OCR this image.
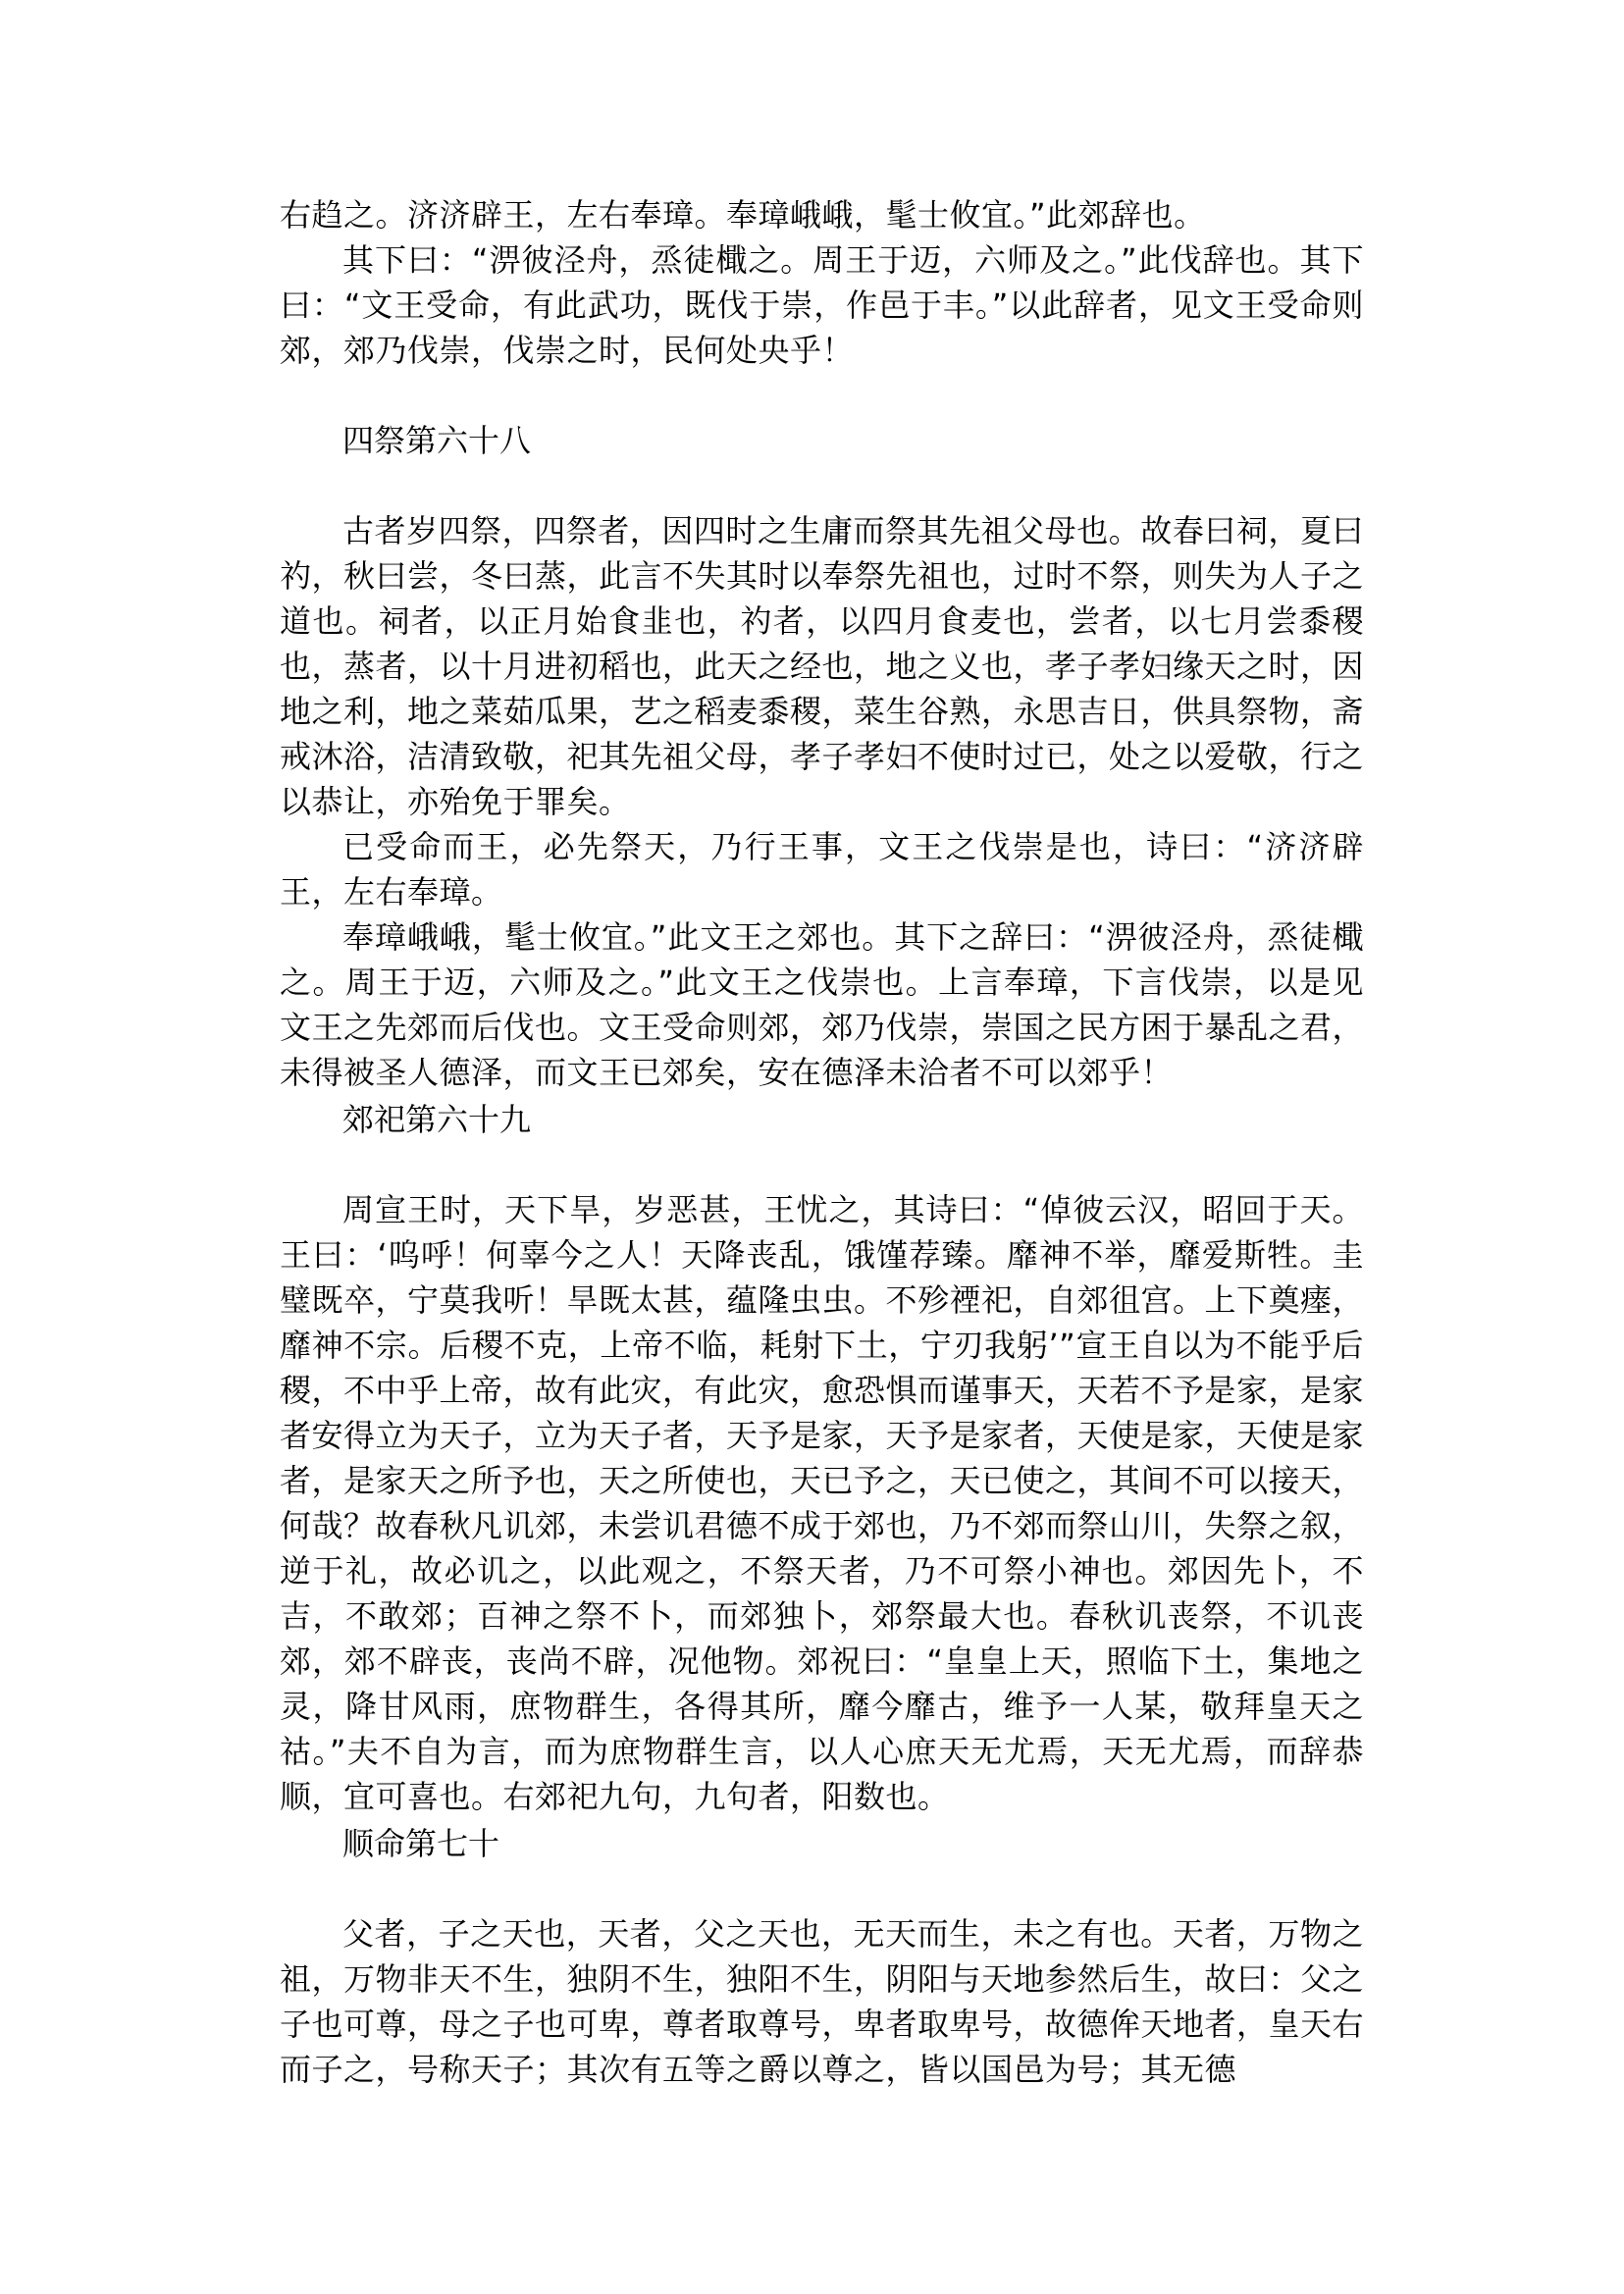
右趋之。济济辟王，左右奉璋。奉璋峨峨，髦士攸宜。”此郊辞也。

其下曰：“淠彼泾舟，烝徒檝之。周王于迈，六师及之。”此伐辞也。其下曰：“文王受命，有此武功，既伐于崇，作邑于丰。”以此辞者，见文王受命则郊，郊乃伐崇，伐崇之时，民何处央乎！

四祭第六十八

古者岁四祭，四祭者，因四时之生庸而祭其先祖父母也。故春曰祠，夏曰礿，秋曰尝，冬曰蒸，此言不失其时以奉祭先祖也，过时不祭，则失为人子之道也。祠者，以正月始食韭也，礿者，以四月食麦也，尝者，以七月尝黍稷也，蒸者，以十月进初稻也，此天之经也，地之义也，孝子孝妇缘天之时，因地之利，地之菜茹瓜果，艺之稻麦黍稷，菜生谷熟，永思吉日，供具祭物，斋戒沐浴，洁清致敬，祀其先祖父母，孝子孝妇不使时过已，处之以爱敬，行之以恭让，亦殆免于罪矣。

已受命而王，必先祭天，乃行王事，文王之伐崇是也，诗曰：“济济辟王，左右奉璋。

奉璋峨峨，髦士攸宜。”此文王之郊也。其下之辞曰：“淠彼泾舟，烝徒檝之。周王于迈，六师及之。”此文王之伐崇也。上言奉璋，下言伐崇，以是见文王之先郊而后伐也。文王受命则郊，郊乃伐崇，崇国之民方困于暴乱之君，未得被圣人德泽，而文王已郊矣，安在德泽未洽者不可以郊乎！

郊祀第六十九

周宣王时，天下旱，岁恶甚，王忧之，其诗曰：“倬彼云汉，昭回于天。王曰：‘呜呼！何辜今之人！天降丧乱，饿馑荐臻。靡神不举，靡爱斯牲。圭璧既卒，宁莫我听！旱既太甚，蕴隆虫虫。不殄禋祀，自郊徂宫。上下奠瘗，靡神不宗。后稷不克，上帝不临，耗射下土，宁刃我躬’”宣王自以为不能乎后稷，不中乎上帝，故有此灾，有此灾，愈恐惧而谨事天，天若不予是家，是家者安得立为天子，立为天子者，天予是家，天予是家者，天使是家，天使是家者，是家天之所予也，天之所使也，天已予之，天已使之，其间不可以接天，何哉？故春秋凡讥郊，未尝讥君德不成于郊也，乃不郊而祭山川，失祭之叙，逆于礼，故必讥之，以此观之，不祭天者，乃不可祭小神也。郊因先卜，不吉，不敢郊；百神之祭不卜，而郊独卜，郊祭最大也。春秋讥丧祭，不讥丧郊，郊不辟丧，丧尚不辟，况他物。郊祝曰：“皇皇上天，照临下土，集地之灵，降甘风雨，庶物群生，各得其所，靡今靡古，维予一人某，敬拜皇天之祜。”夫不自为言，而为庶物群生言，以人心庶天无尤焉，天无尤焉，而辞恭顺，宜可喜也。右郊祀九句，九句者，阳数也。

顺命第七十

父者，子之天也，天者，父之天也，无天而生，未之有也。天者，万物之祖，万物非天不生，独阴不生，独阳不生，阴阳与天地参然后生，故曰：父之子也可尊，母之子也可卑，尊者取尊号，卑者取卑号，故德侔天地者，皇天右而子之，号称天子；其次有五等之爵以尊之，皆以国邑为号；其无德
